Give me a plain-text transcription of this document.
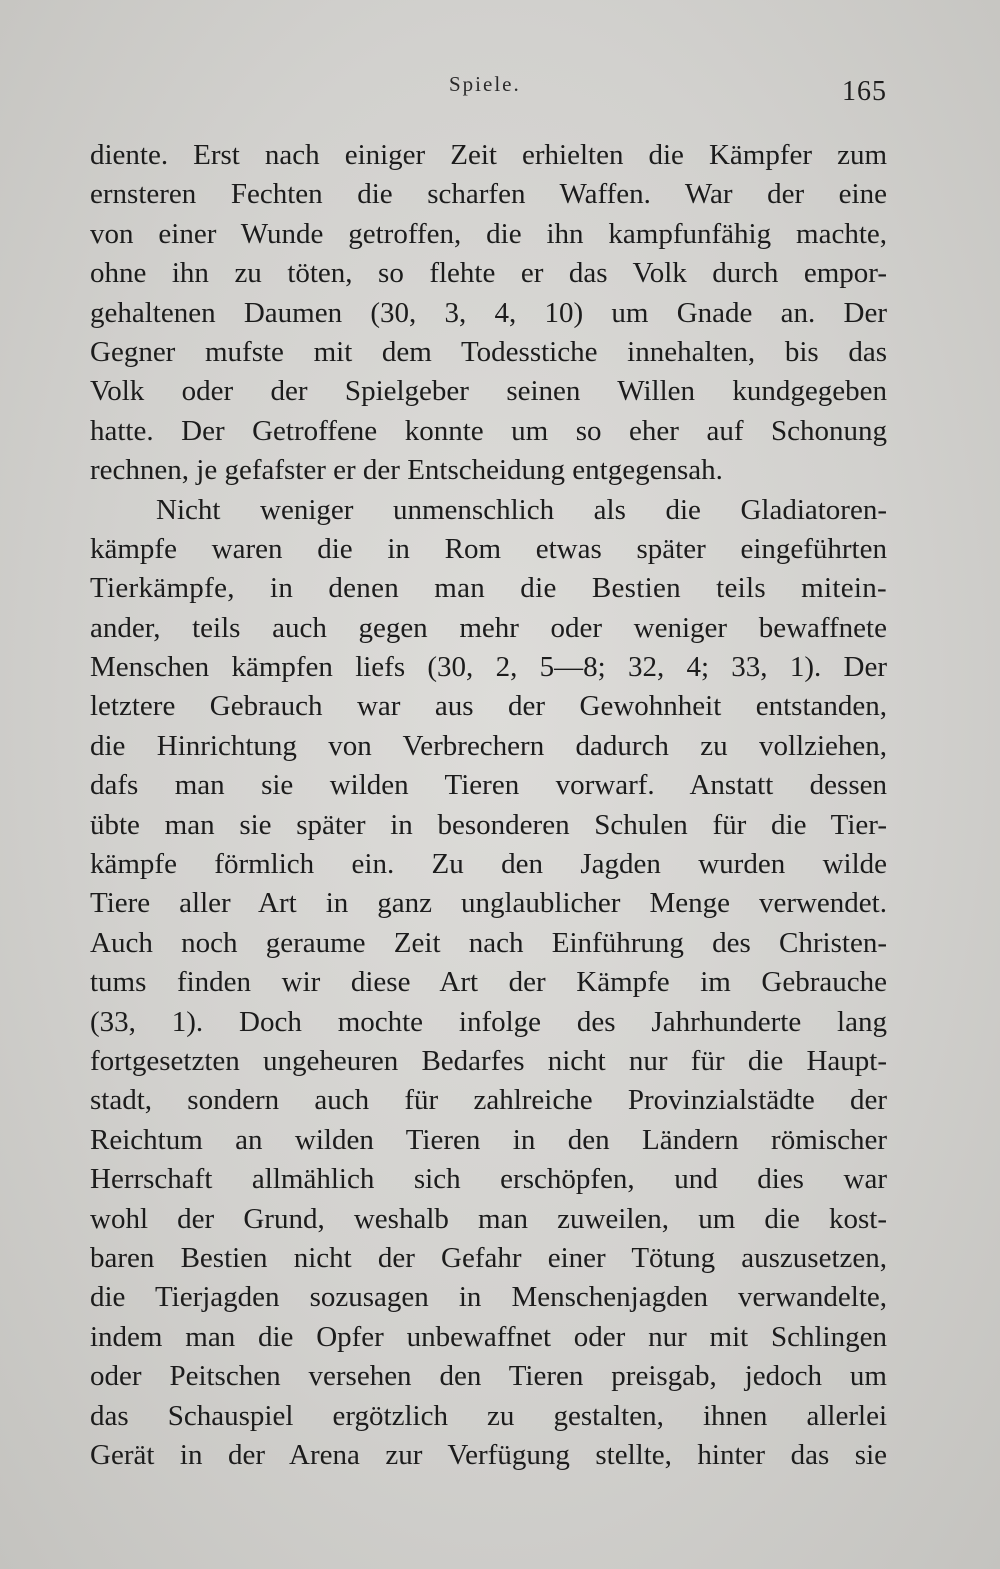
Spiele.	165
diente. Erst nach einiger Zeit erhielten die Kämpfer zum
ernsteren Fechten die scharfen Waffen. War der eine
von einer Wunde getroffen, die ihn kampfunfähig machte,
ohne ihn zu töten, so flehte er das Volk durch empor-
gehaltenen Daumen (30, 3, 4, 10) um Gnade an. Der
Gegner mufste mit dem Todesstiche innehalten, bis das
Volk oder der Spielgeber seinen Willen kundgegeben
hatte. Der Getroffene konnte um so eher auf Schonung
rechnen, je gefafster er der Entscheidung entgegensah.
Nicht weniger unmenschlich als die Gladiatoren-
kämpfe waren die in Rom etwas später eingeführten
Tierkämpfe, in denen man die Bestien teils mitein-
ander, teils auch gegen mehr oder weniger bewaffnete
Menschen kämpfen liefs (30, 2, 5—8; 32, 4; 33, 1). Der
letztere Gebrauch war aus der Gewohnheit entstanden,
die Hinrichtung von Verbrechern dadurch zu vollziehen,
dafs man sie wilden Tieren vorwarf. Anstatt dessen
übte man sie später in besonderen Schulen für die Tier-
kämpfe förmlich ein. Zu den Jagden wurden wilde
Tiere aller Art in ganz unglaublicher Menge verwendet.
Auch noch geraume Zeit nach Einführung des Christen-
tums finden wir diese Art der Kämpfe im Gebrauche
(33, 1). Doch mochte infolge des Jahrhunderte lang
fortgesetzten ungeheuren Bedarfes nicht nur für die Haupt-
stadt, sondern auch für zahlreiche Provinzialstädte der
Reichtum an wilden Tieren in den Ländern römischer
Herrschaft allmählich sich erschöpfen, und dies war
wohl der Grund, weshalb man zuweilen, um die kost-
baren Bestien nicht der Gefahr einer Tötung auszusetzen,
die Tierjagden sozusagen in Menschenjagden verwandelte,
indem man die Opfer unbewaffnet oder nur mit Schlingen
oder Peitschen versehen den Tieren preisgab, jedoch um
das Schauspiel ergötzlich zu gestalten, ihnen allerlei
Gerät in der Arena zur Verfügung stellte, hinter das sie
